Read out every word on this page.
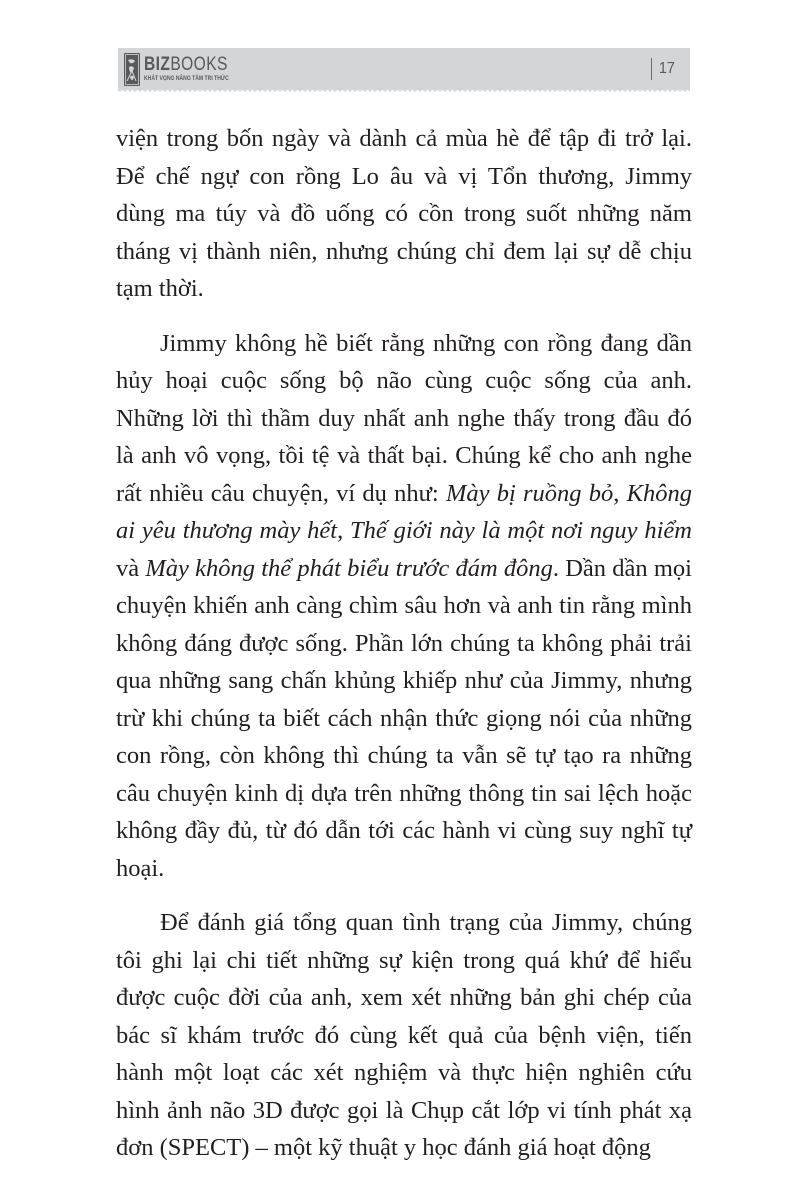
BIZBOOKS
KHÁT VỌNG NÂNG TẦM TRI THỨC
17

viện trong bốn ngày và dành cả mùa hè để tập đi trở lại. Để chế ngự con rồng Lo âu và vị Tổn thương, Jimmy dùng ma túy và đồ uống có cồn trong suốt những năm tháng vị thành niên, nhưng chúng chỉ đem lại sự dễ chịu tạm thời.

Jimmy không hề biết rằng những con rồng đang dần hủy hoại cuộc sống bộ não cùng cuộc sống của anh. Những lời thì thầm duy nhất anh nghe thấy trong đầu đó là anh vô vọng, tồi tệ và thất bại. Chúng kể cho anh nghe rất nhiều câu chuyện, ví dụ như: Mày bị ruồng bỏ, Không ai yêu thương mày hết, Thế giới này là một nơi nguy hiểm và Mày không thể phát biểu trước đám đông. Dần dần mọi chuyện khiến anh càng chìm sâu hơn và anh tin rằng mình không đáng được sống. Phần lớn chúng ta không phải trải qua những sang chấn khủng khiếp như của Jimmy, nhưng trừ khi chúng ta biết cách nhận thức giọng nói của những con rồng, còn không thì chúng ta vẫn sẽ tự tạo ra những câu chuyện kinh dị dựa trên những thông tin sai lệch hoặc không đầy đủ, từ đó dẫn tới các hành vi cùng suy nghĩ tự hoại.

Để đánh giá tổng quan tình trạng của Jimmy, chúng tôi ghi lại chi tiết những sự kiện trong quá khứ để hiểu được cuộc đời của anh, xem xét những bản ghi chép của bác sĩ khám trước đó cùng kết quả của bệnh viện, tiến hành một loạt các xét nghiệm và thực hiện nghiên cứu hình ảnh não 3D được gọi là Chụp cắt lớp vi tính phát xạ đơn (SPECT) – một kỹ thuật y học đánh giá hoạt động
